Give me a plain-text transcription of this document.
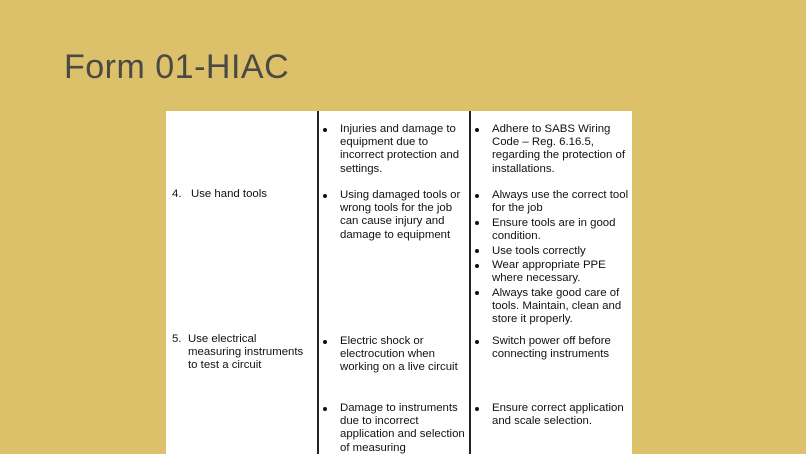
Form 01-HIAC
Injuries and damage to equipment due to incorrect protection and settings.
Adhere to SABS Wiring Code – Reg. 6.16.5, regarding the protection of installations.
4. Use hand tools	Using damaged tools or wrong tools for the job can cause injury and damage to equipment
Always use the correct tool for the job
Ensure tools are in good condition.
Use tools correctly
Wear appropriate PPE where necessary.
Always take good care of tools. Maintain, clean and store it properly.
5. Use electrical measuring instruments to test a circuit
Electric shock or electrocution when working on a live circuit
Damage to instruments due to incorrect application and selection of measuring
Switch power off before connecting instruments
Ensure correct application and scale selection.
